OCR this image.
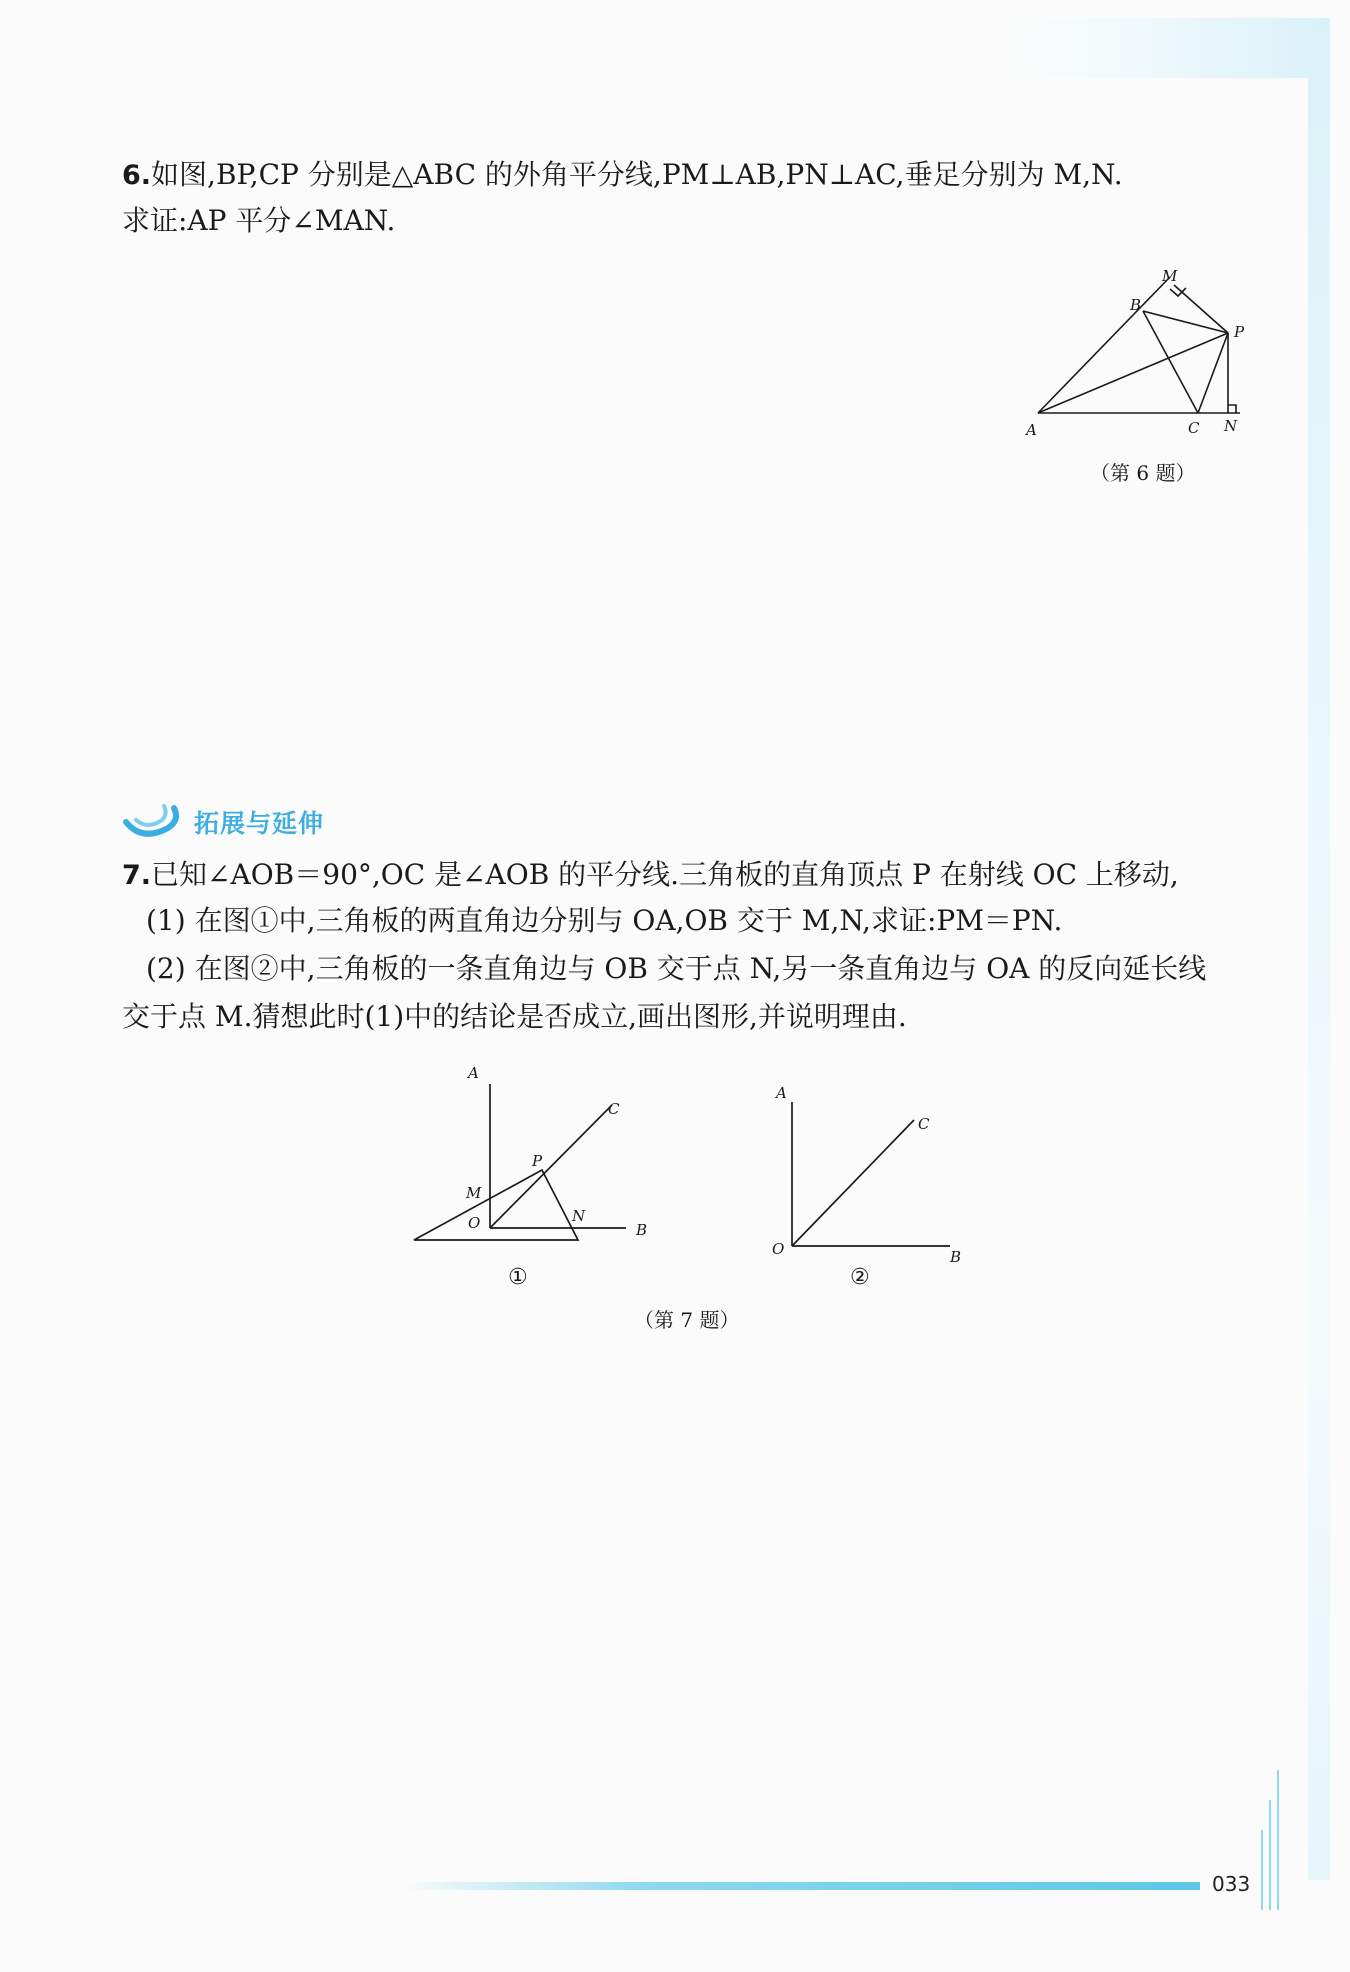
6.如图,BP,CP 分别是△ABC 的外角平分线,PM⊥AB,PN⊥AC,垂足分别为 M,N.
求证:AP 平分∠MAN.
M
B
P
A	C N
（第 6 题）
拓展与延伸
7.已知∠AOB＝90°,OC 是∠AOB 的平分线.三角板的直角顶点 P 在射线 OC 上移动,
(1) 在图①中,三角板的两直角边分别与 OA,OB 交于 M,N,求证:PM＝PN.
(2) 在图②中,三角板的一条直角边与 OB 交于点 N,另一条直角边与 OA 的反向延长线
交于点 M.猜想此时(1)中的结论是否成立,画出图形,并说明理由.
A
C
P
M
O	N
B
①
A
C
O	B
②
（第 7 题）
033
